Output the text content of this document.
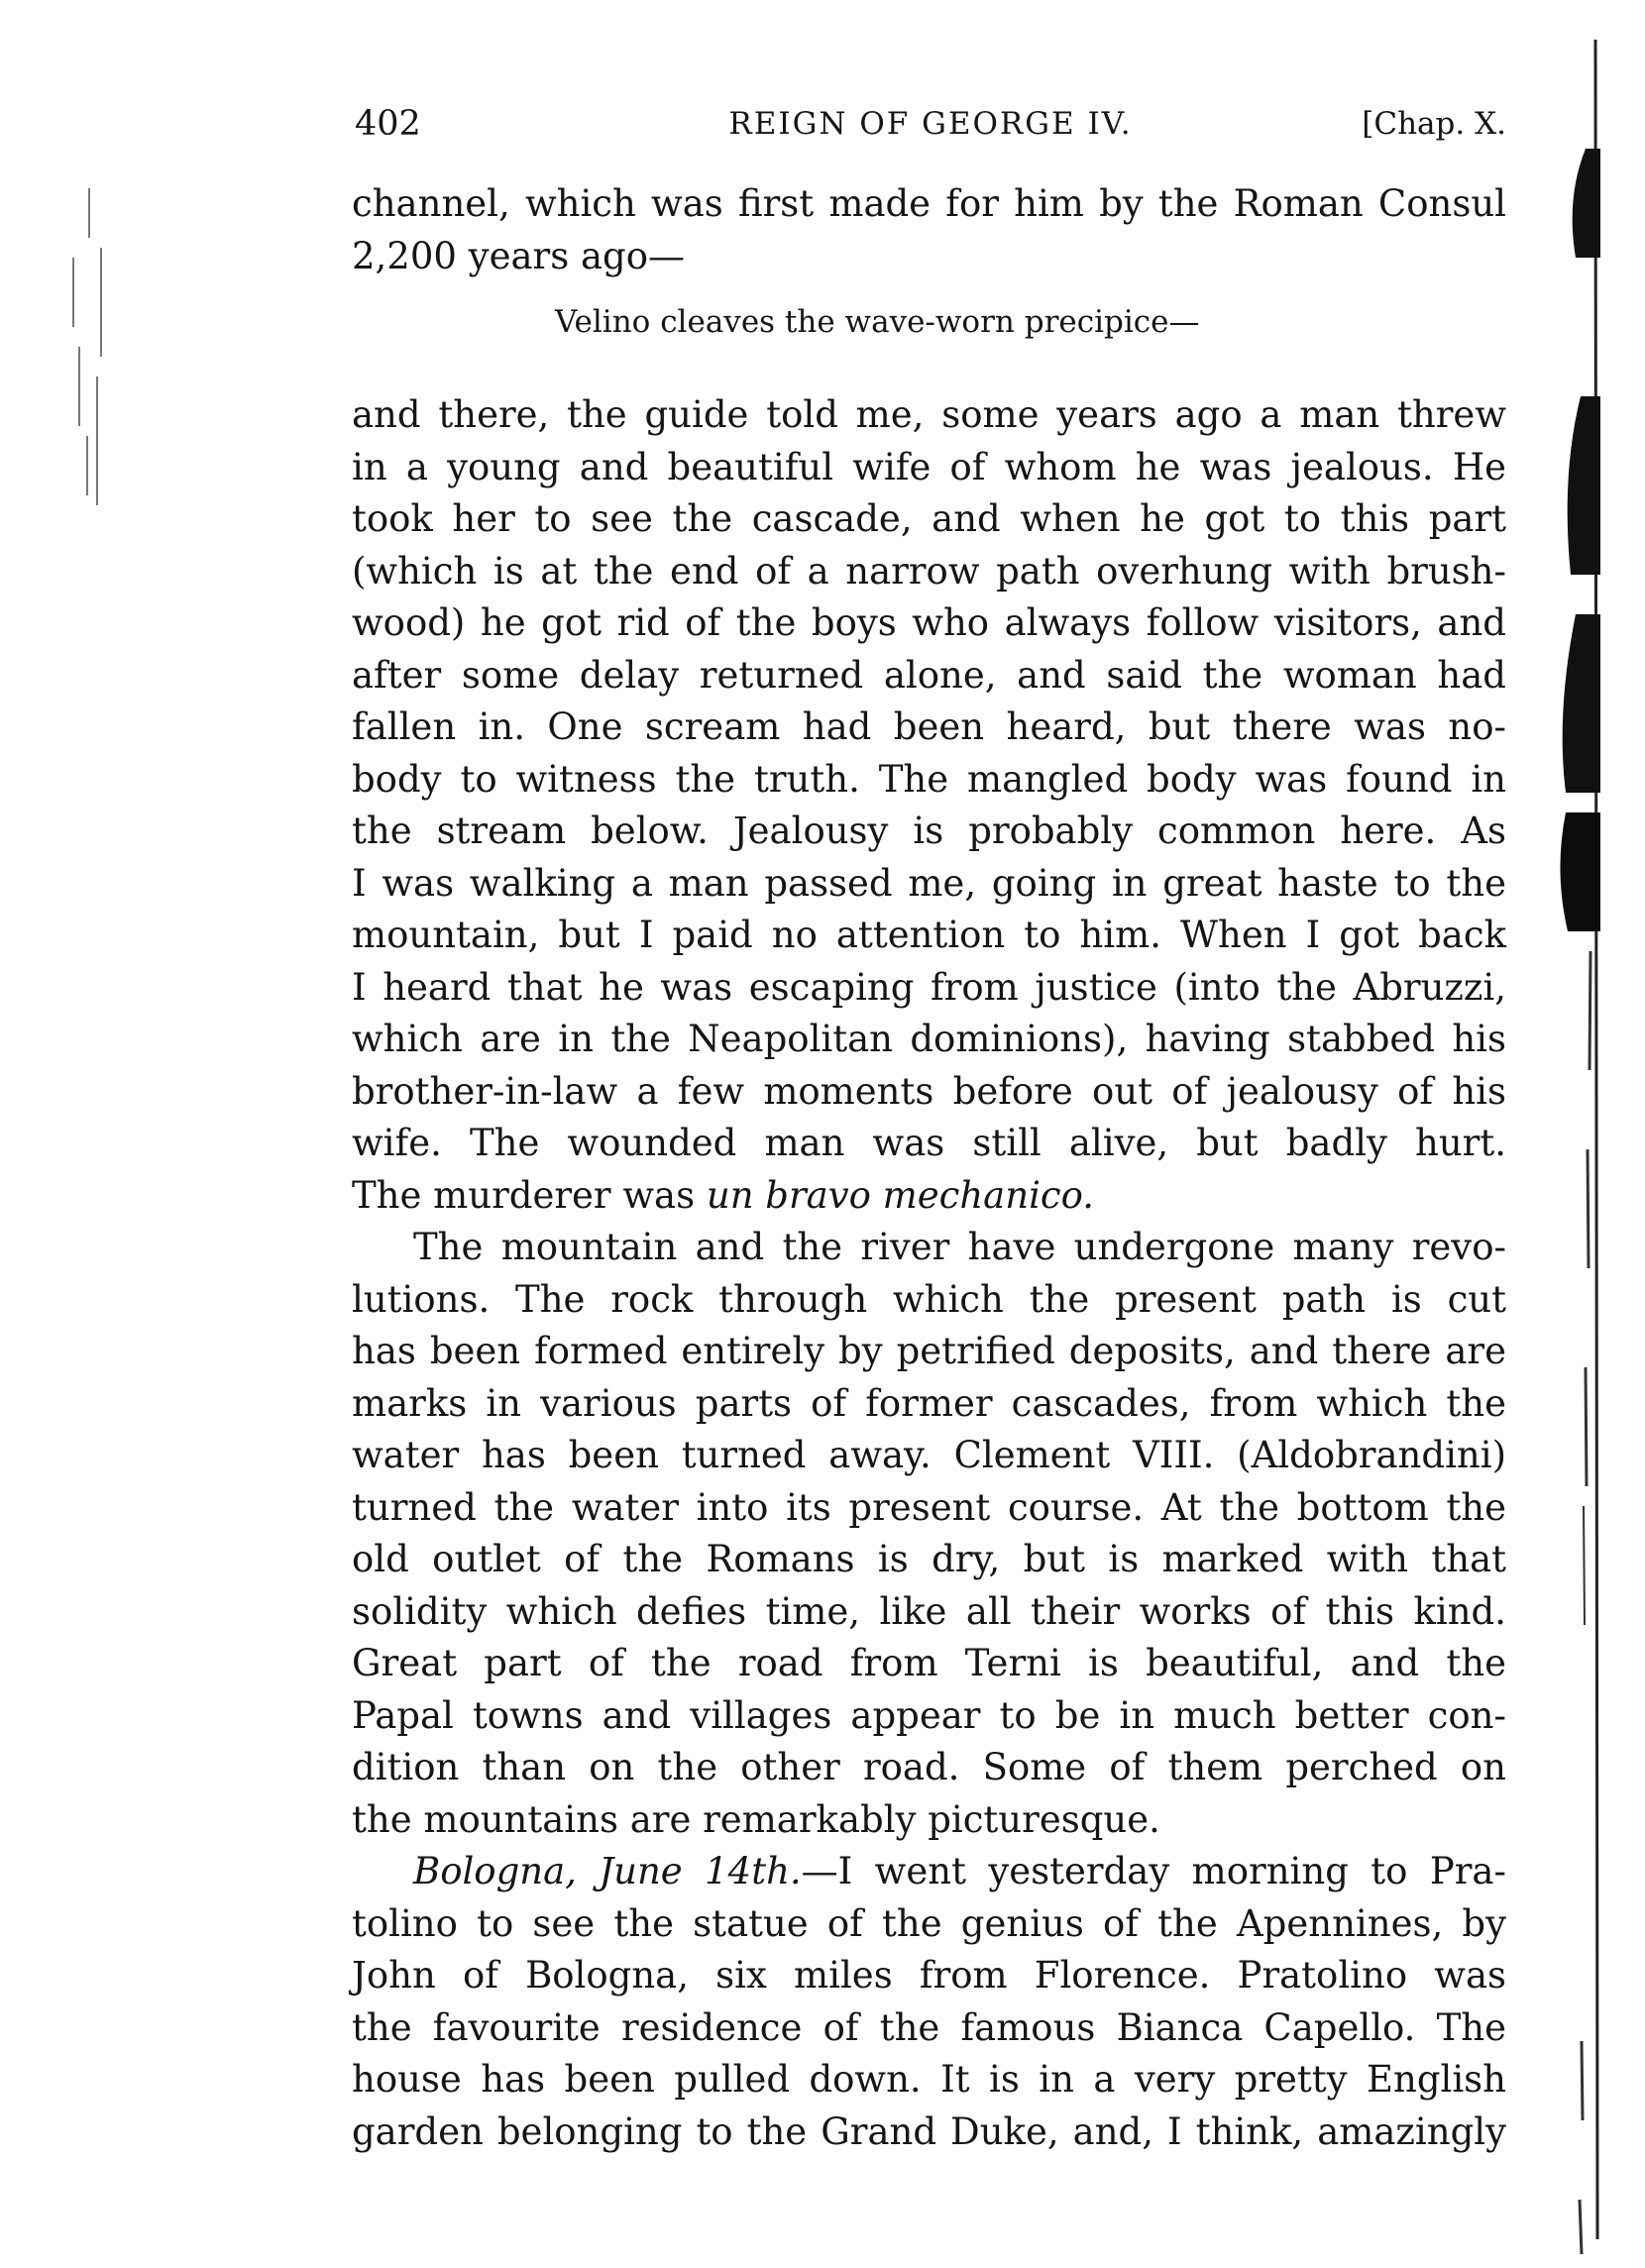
402	REIGN OF GEORGE IV.	[Chap. X.
channel, which was first made for him by the Roman Consul
2,200 years ago—
Velino cleaves the wave-worn precipice—
and there, the guide told me, some years ago a man threw
in a young and beautiful wife of whom he was jealous. He
took her to see the cascade, and when he got to this part
(which is at the end of a narrow path overhung with brush-
wood) he got rid of the boys who always follow visitors, and
after some delay returned alone, and said the woman had
fallen in. One scream had been heard, but there was no-
body to witness the truth. The mangled body was found in
the stream below. Jealousy is probably common here. As
I was walking a man passed me, going in great haste to the
mountain, but I paid no attention to him. When I got back
I heard that he was escaping from justice (into the Abruzzi,
which are in the Neapolitan dominions), having stabbed his
brother-in-law a few moments before out of jealousy of his
wife. The wounded man was still alive, but badly hurt.
The murderer was un bravo mechanico.
The mountain and the river have undergone many revo-
lutions. The rock through which the present path is cut
has been formed entirely by petrified deposits, and there are
marks in various parts of former cascades, from which the
water has been turned away. Clement VIII. (Aldobrandini)
turned the water into its present course. At the bottom the
old outlet of the Romans is dry, but is marked with that
solidity which defies time, like all their works of this kind.
Great part of the road from Terni is beautiful, and the
Papal towns and villages appear to be in much better con-
dition than on the other road. Some of them perched on
the mountains are remarkably picturesque.
Bologna, June 14th.—I went yesterday morning to Pra-
tolino to see the statue of the genius of the Apennines, by
John of Bologna, six miles from Florence. Pratolino was
the favourite residence of the famous Bianca Capello. The
house has been pulled down. It is in a very pretty English
garden belonging to the Grand Duke, and, I think, amazingly
